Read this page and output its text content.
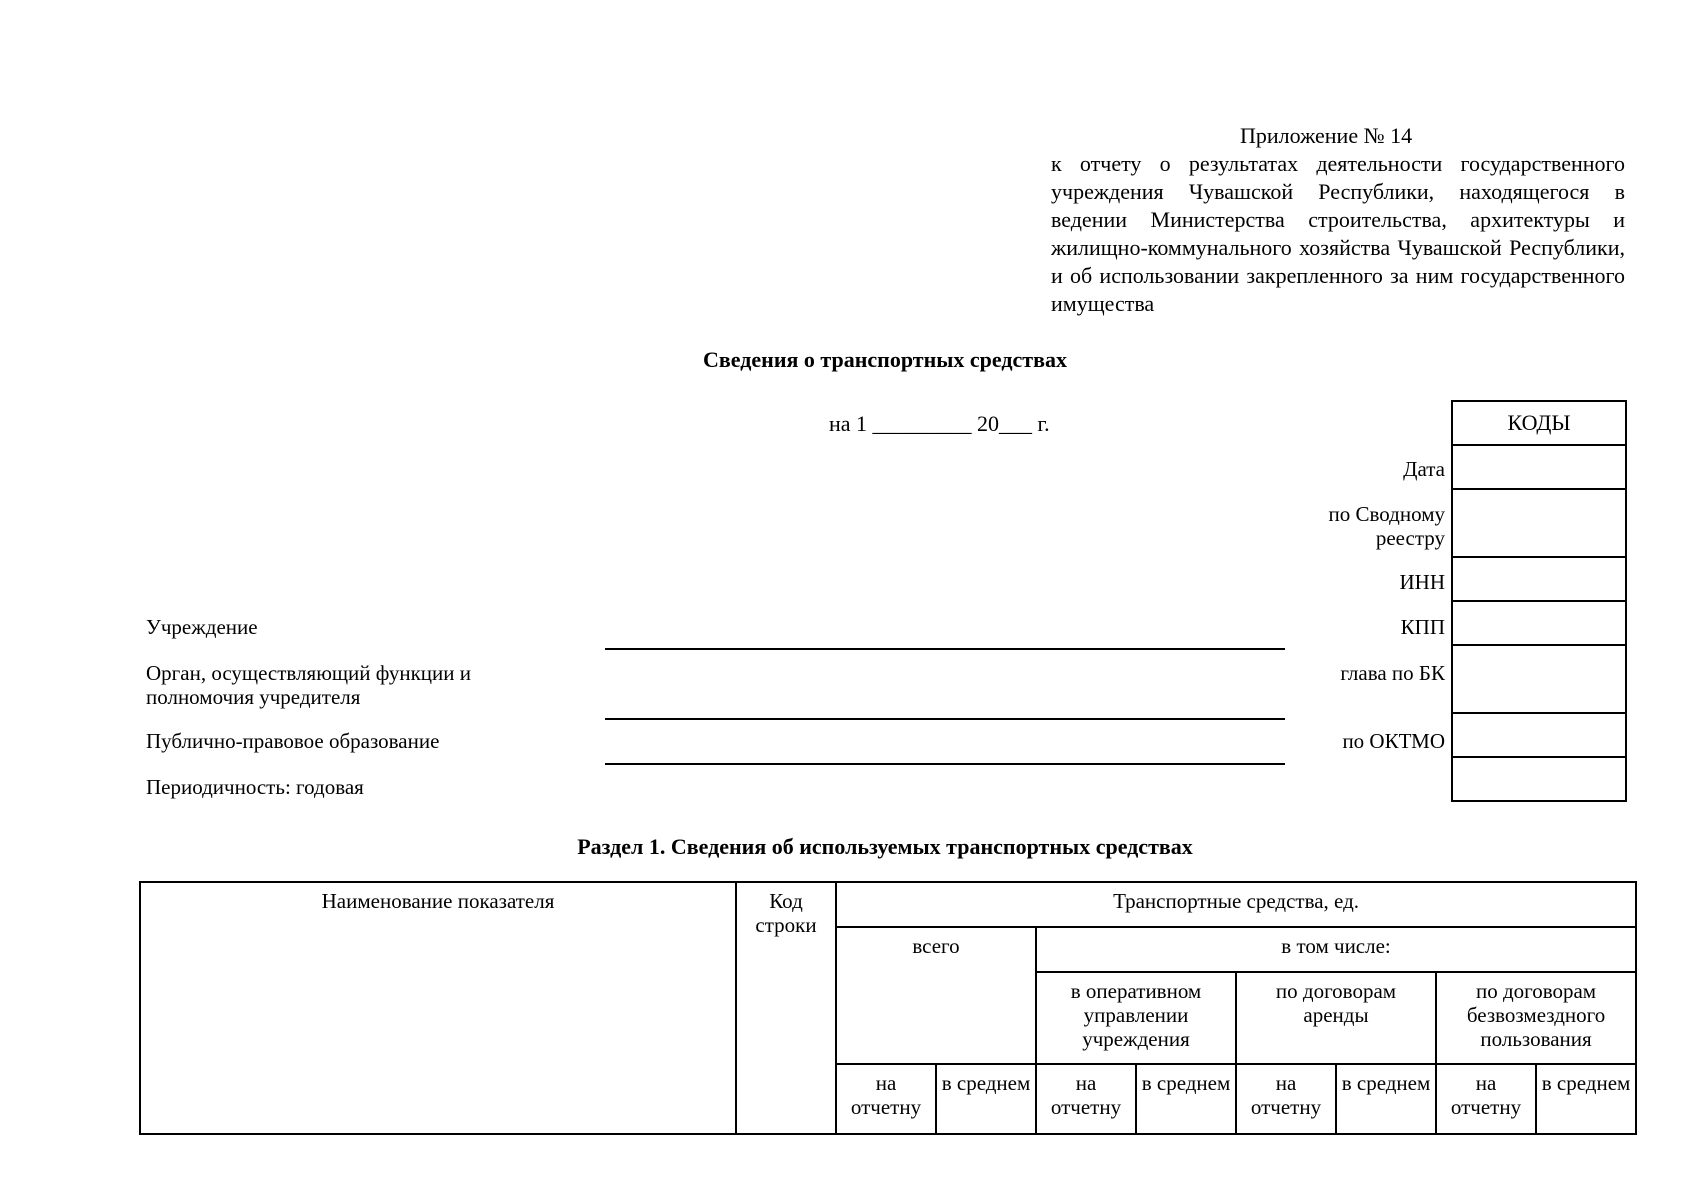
Приложение № 14
к отчету о результатах деятельности государственного учреждения Чувашской Республики, находящегося в ведении Министерства строительства, архитектуры и жилищно-коммунального хозяйства Чувашской Республики, и об использовании закрепленного за ним государственного имущества
Сведения о транспортных средствах
на 1 _________ 20___ г.	КОДЫ

Дата
по Сводному реестру
ИНН
КПП
глава по БК
по ОКТМО
Учреждение
Орган, осуществляющий функции и полномочия учредителя
Публично-правовое образование
Периодичность: годовая
Раздел 1. Сведения об используемых транспортных средствах
Наименование показателя	Код строки	Транспортные средства, ед.							
		всего		в том числе:					
				в оперативном управлении учреждения		по договорам аренды		по договорам безвозмездного пользования	
		на отчетну	в среднем	на отчетну	в среднем	на отчетну	в среднем	на отчетну	в среднем
